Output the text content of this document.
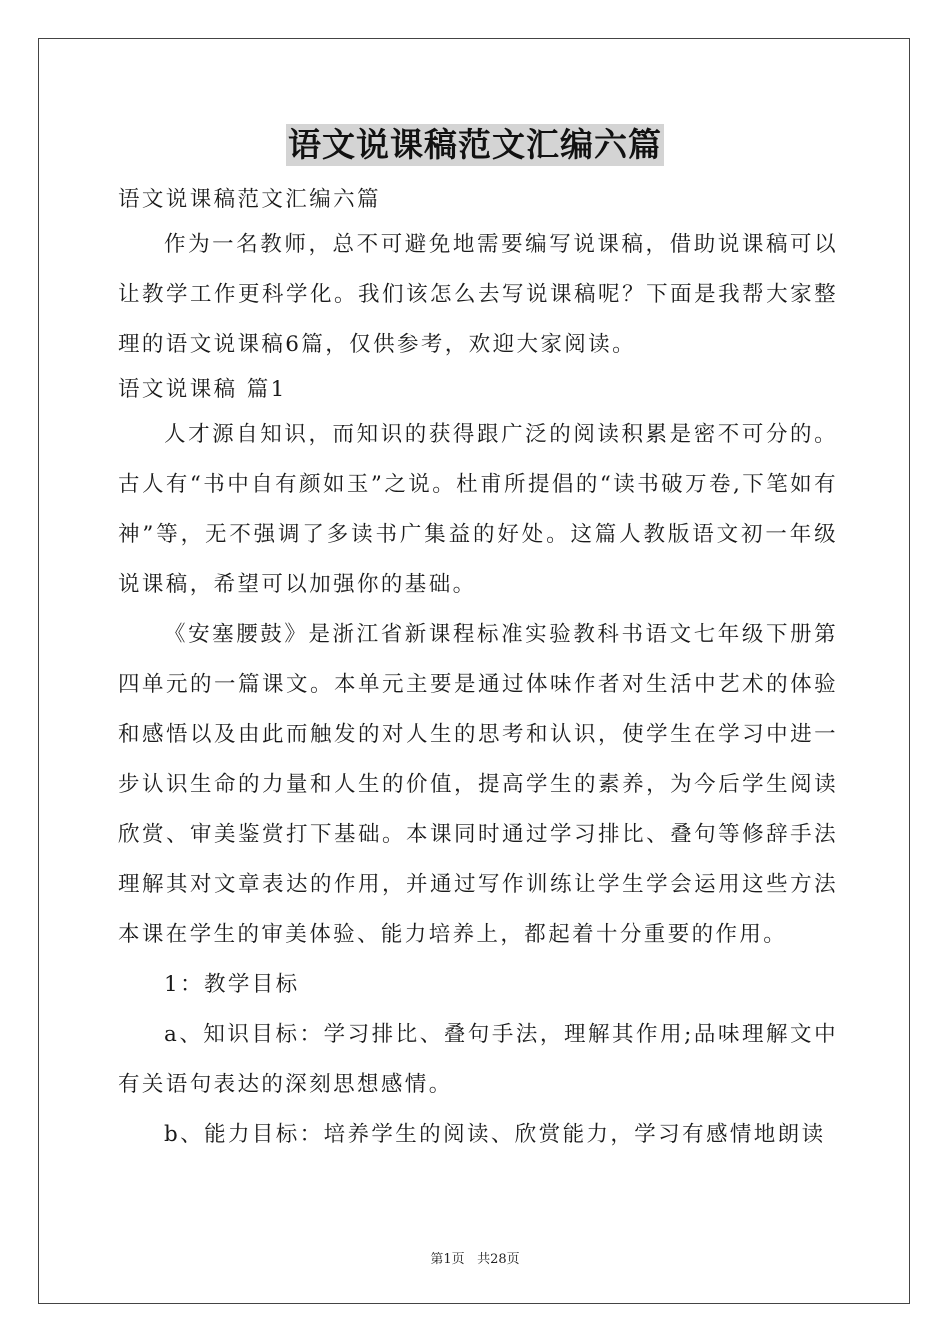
语文说课稿范文汇编六篇

语文说课稿范文汇编六篇

作为一名教师，总不可避免地需要编写说课稿，借助说课稿可以让教学工作更科学化。我们该怎么去写说课稿呢？下面是我帮大家整理的语文说课稿6篇，仅供参考，欢迎大家阅读。

语文说课稿 篇1

人才源自知识，而知识的获得跟广泛的阅读积累是密不可分的。古人有“书中自有颜如玉”之说。杜甫所提倡的“读书破万卷,下笔如有神”等，无不强调了多读书广集益的好处。这篇人教版语文初一年级说课稿，希望可以加强你的基础。

《安塞腰鼓》是浙江省新课程标准实验教科书语文七年级下册第四单元的一篇课文。本单元主要是通过体味作者对生活中艺术的体验和感悟以及由此而触发的对人生的思考和认识，使学生在学习中进一步认识生命的力量和人生的价值，提高学生的素养，为今后学生阅读欣赏、审美鉴赏打下基础。本课同时通过学习排比、叠句等修辞手法理解其对文章表达的作用，并通过写作训练让学生学会运用这些方法本课在学生的审美体验、能力培养上，都起着十分重要的作用。

1：教学目标

a、知识目标：学习排比、叠句手法，理解其作用;品味理解文中有关语句表达的深刻思想感情。

b、能力目标：培养学生的阅读、欣赏能力，学习有感情地朗读

第1页 共28页
